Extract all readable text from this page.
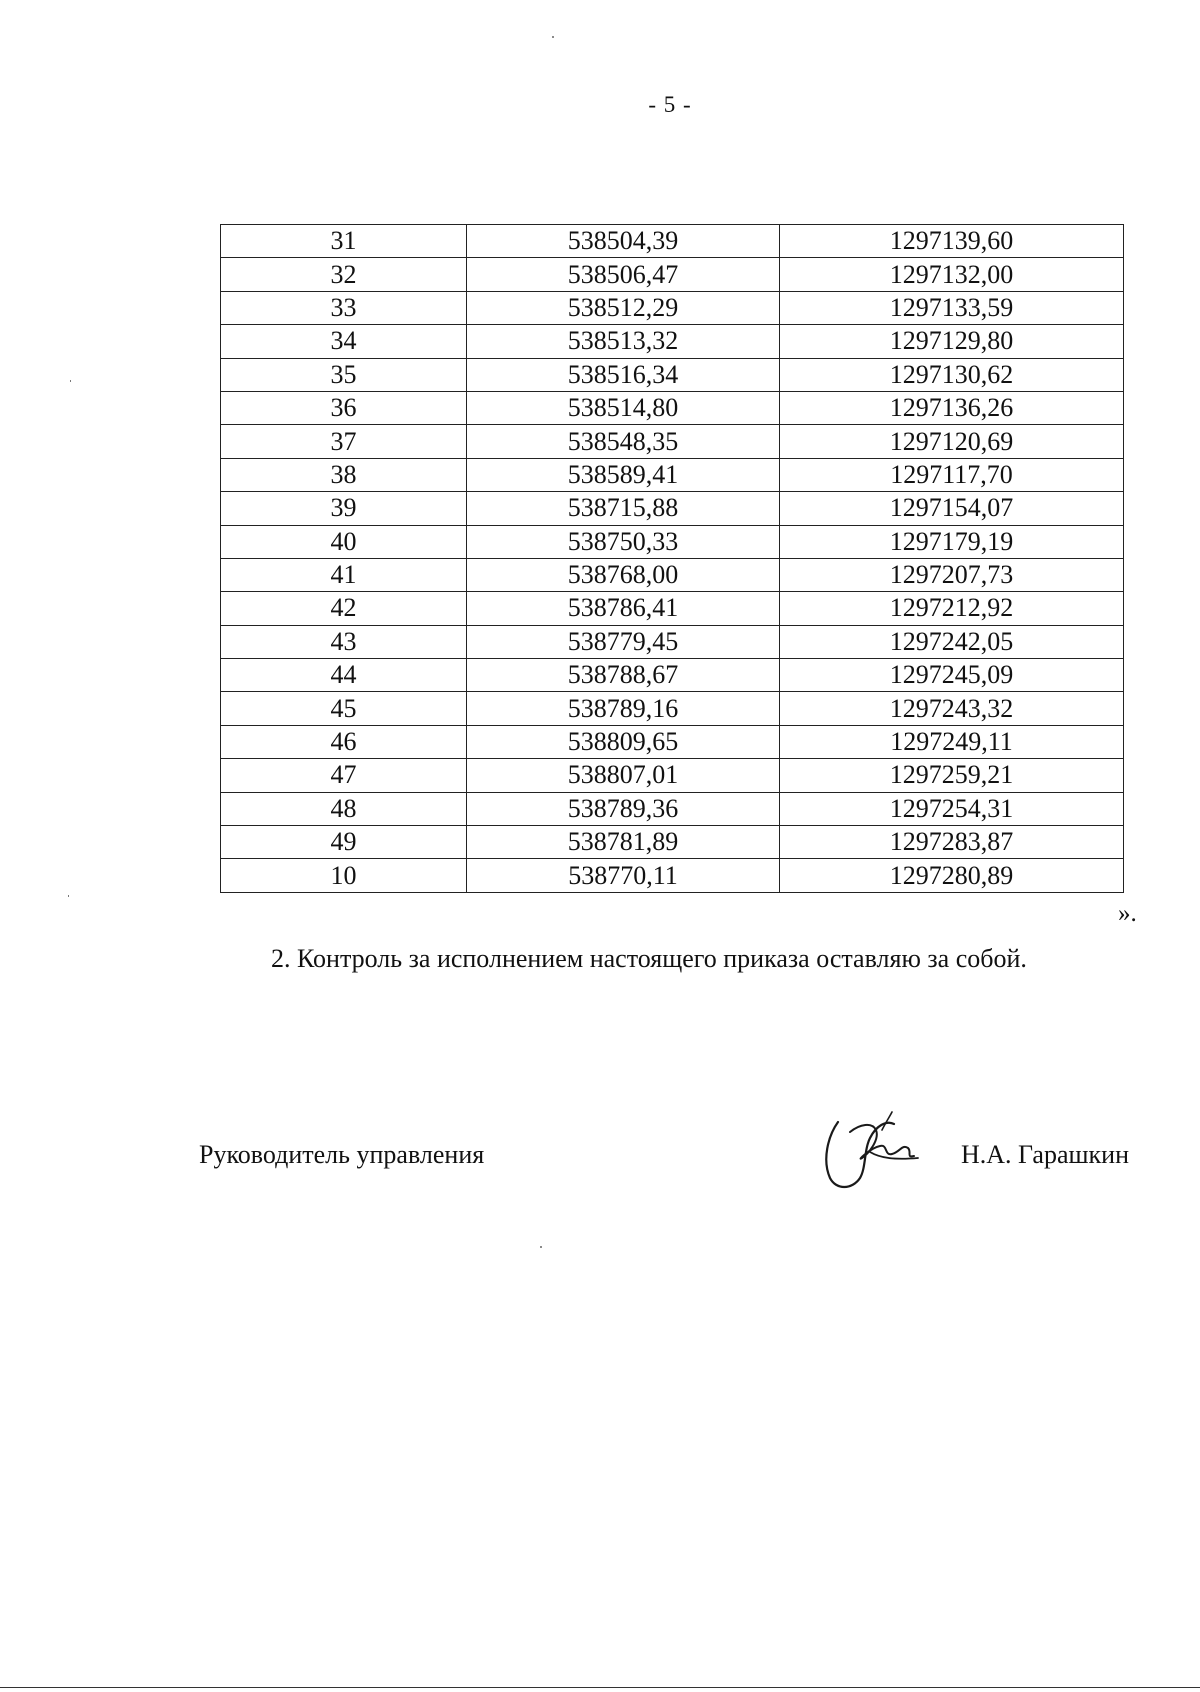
- 5 -
31	538504,39	1297139,60
32	538506,47	1297132,00
33	538512,29	1297133,59
34	538513,32	1297129,80
35	538516,34	1297130,62
36	538514,80	1297136,26
37	538548,35	1297120,69
38	538589,41	1297117,70
39	538715,88	1297154,07
40	538750,33	1297179,19
41	538768,00	1297207,73
42	538786,41	1297212,92
43	538779,45	1297242,05
44	538788,67	1297245,09
45	538789,16	1297243,32
46	538809,65	1297249,11
47	538807,01	1297259,21
48	538789,36	1297254,31
49	538781,89	1297283,87
10	538770,11	1297280,89
».
2. Контроль за исполнением настоящего приказа оставляю за собой.
Руководитель управления	Н.А. Гарашкин
